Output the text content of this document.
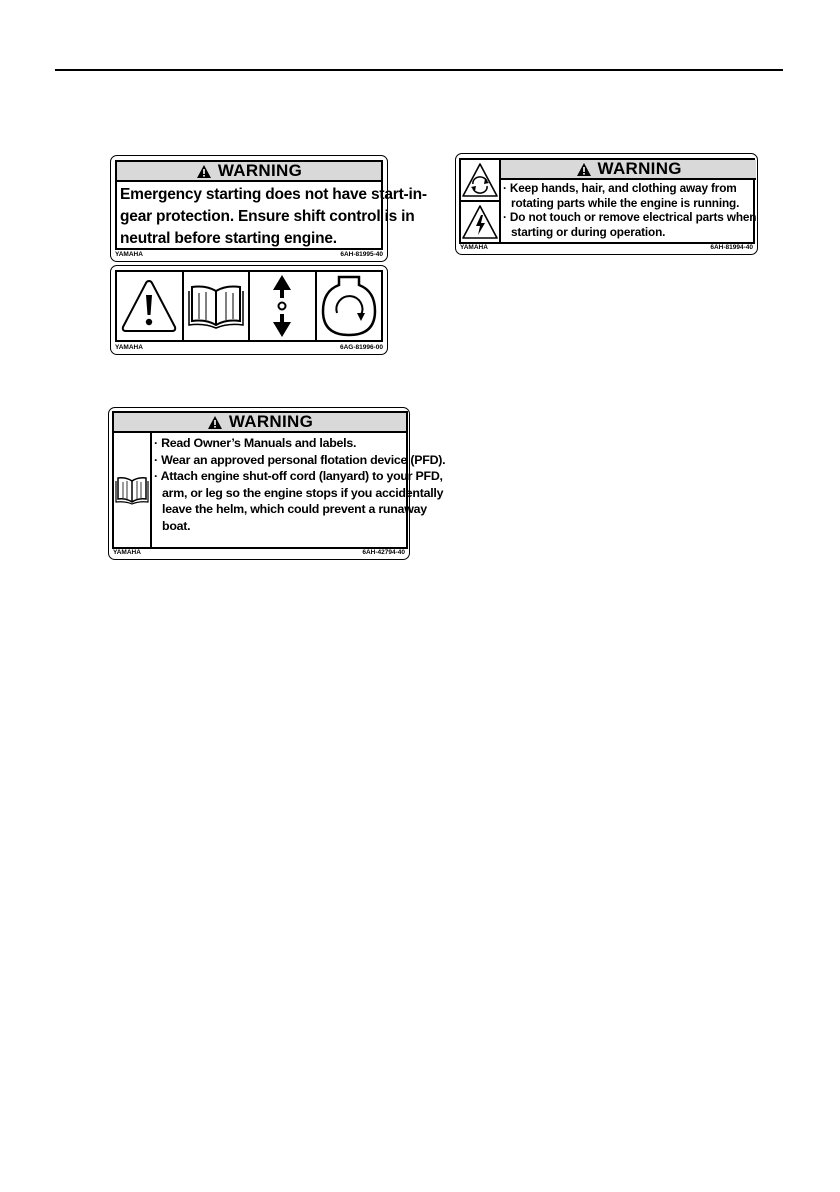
WARNING
Emergency starting does not have start-in-
gear protection. Ensure shift control is in
neutral before starting engine.
YAMAHA	6AH-81995-40
YAMAHA	6AG-81996-00
WARNING
· Keep hands, hair, and clothing away from
rotating parts while the engine is running.
· Do not touch or remove electrical parts when
starting or during operation.
YAMAHA	6AH-81994-40
WARNING
· Read Owner’s Manuals and labels.
· Wear an approved personal flotation device (PFD).
· Attach engine shut-off cord (lanyard) to your PFD,
arm, or leg so the engine stops if you accidentally
leave the helm, which could prevent a runaway
boat.
YAMAHA	6AH-42794-40
